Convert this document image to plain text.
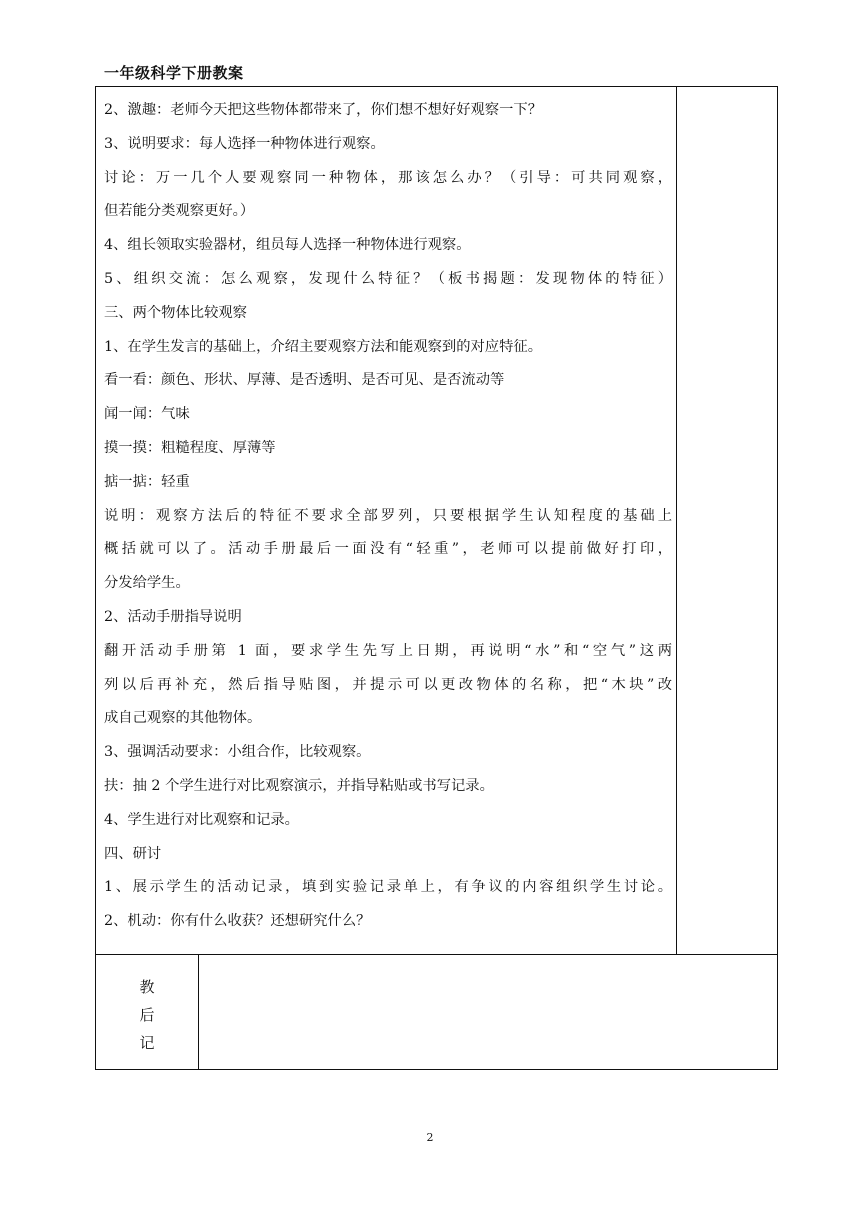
一年级科学下册教案
2、激趣：老师今天把这些物体都带来了，你们想不想好好观察一下？
3、说明要求：每人选择一种物体进行观察。
讨论：万一几个人要观察同一种物体，那该怎么办？（引导：可共同观察，
但若能分类观察更好。）
4、组长领取实验器材，组员每人选择一种物体进行观察。
5、组织交流：怎么观察，发现什么特征？（板书揭题：发现物体的特征）
三、两个物体比较观察
1、在学生发言的基础上，介绍主要观察方法和能观察到的对应特征。
看一看：颜色、形状、厚薄、是否透明、是否可见、是否流动等
闻一闻：气味
摸一摸：粗糙程度、厚薄等
掂一掂：轻重
说明：观察方法后的特征不要求全部罗列，只要根据学生认知程度的基础上
概括就可以了。活动手册最后一面没有“轻重”，老师可以提前做好打印，
分发给学生。
2、活动手册指导说明
翻开活动手册第 1 面，要求学生先写上日期，再说明“水”和“空气”这两
列以后再补充，然后指导贴图，并提示可以更改物体的名称，把“木块”改
成自己观察的其他物体。
3、强调活动要求：小组合作，比较观察。
扶：抽 2 个学生进行对比观察演示，并指导粘贴或书写记录。
4、学生进行对比观察和记录。
四、研讨
1、展示学生的活动记录，填到实验记录单上，有争议的内容组织学生讨论。
2、机动：你有什么收获？还想研究什么？
教
后
记
2
